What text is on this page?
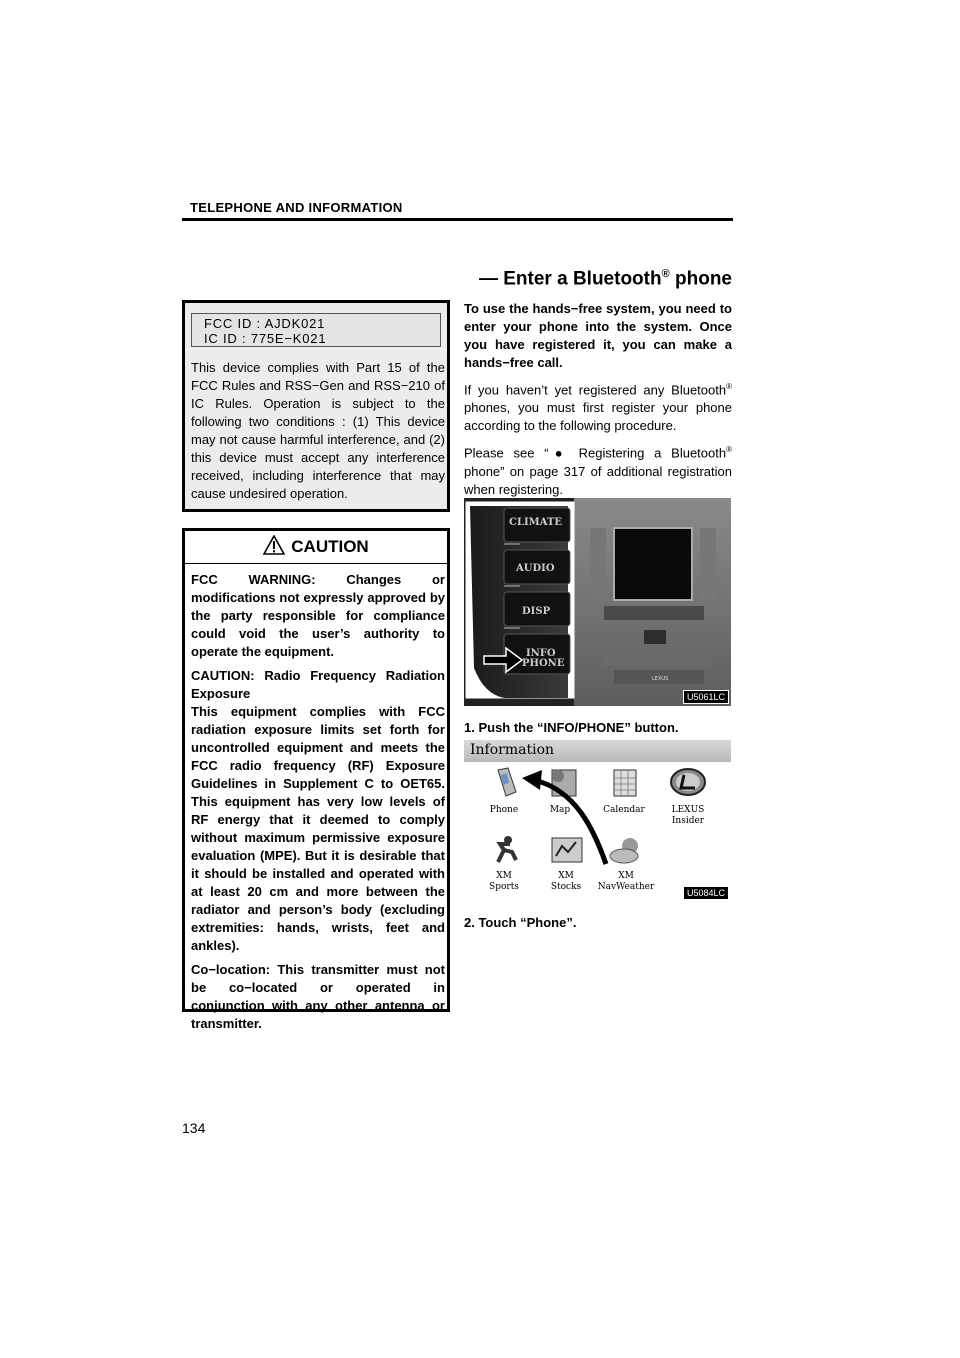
TELEPHONE AND INFORMATION
— Enter a Bluetooth® phone
FCC ID : AJDK021
IC ID : 775E−K021
This device complies with Part 15 of the FCC Rules and RSS−Gen and RSS−210 of IC Rules. Operation is subject to the following two conditions : (1) This device may not cause harmful interference, and (2) this device must accept any interference received, including interference that may cause undesired operation.
CAUTION

FCC WARNING: Changes or modifications not expressly approved by the party responsible for compliance could void the user’s authority to operate the equipment.

CAUTION: Radio Frequency Radiation Exposure
This equipment complies with FCC radiation exposure limits set forth for uncontrolled equipment and meets the FCC radio frequency (RF) Exposure Guidelines in Supplement C to OET65. This equipment has very low levels of RF energy that it deemed to comply without maximum permissive exposure evaluation (MPE). But it is desirable that it should be installed and operated with at least 20 cm and more between the radiator and person’s body (excluding extremities: hands, wrists, feet and ankles).

Co−location: This transmitter must not be co−located or operated in conjunction with any other antenna or transmitter.

To use the hands−free system, you need to enter your phone into the system. Once you have registered it, you can make a hands−free call.

If you haven’t yet registered any Bluetooth® phones, you must first register your phone according to the following procedure.

Please see “● Registering a Bluetooth® phone” on page 317 of additional registration when registering.

CLIMATE
AUDIO
DISP
INFO
PHONE
LEXUS
U5061LC
1. Push the “INFO/PHONE” button.
Information
Phone	Map	Calendar	LEXUS
Insider
XM
Sports
XM
Stocks
XM
NavWeather
U5084LC
2. Touch “Phone”.
134
